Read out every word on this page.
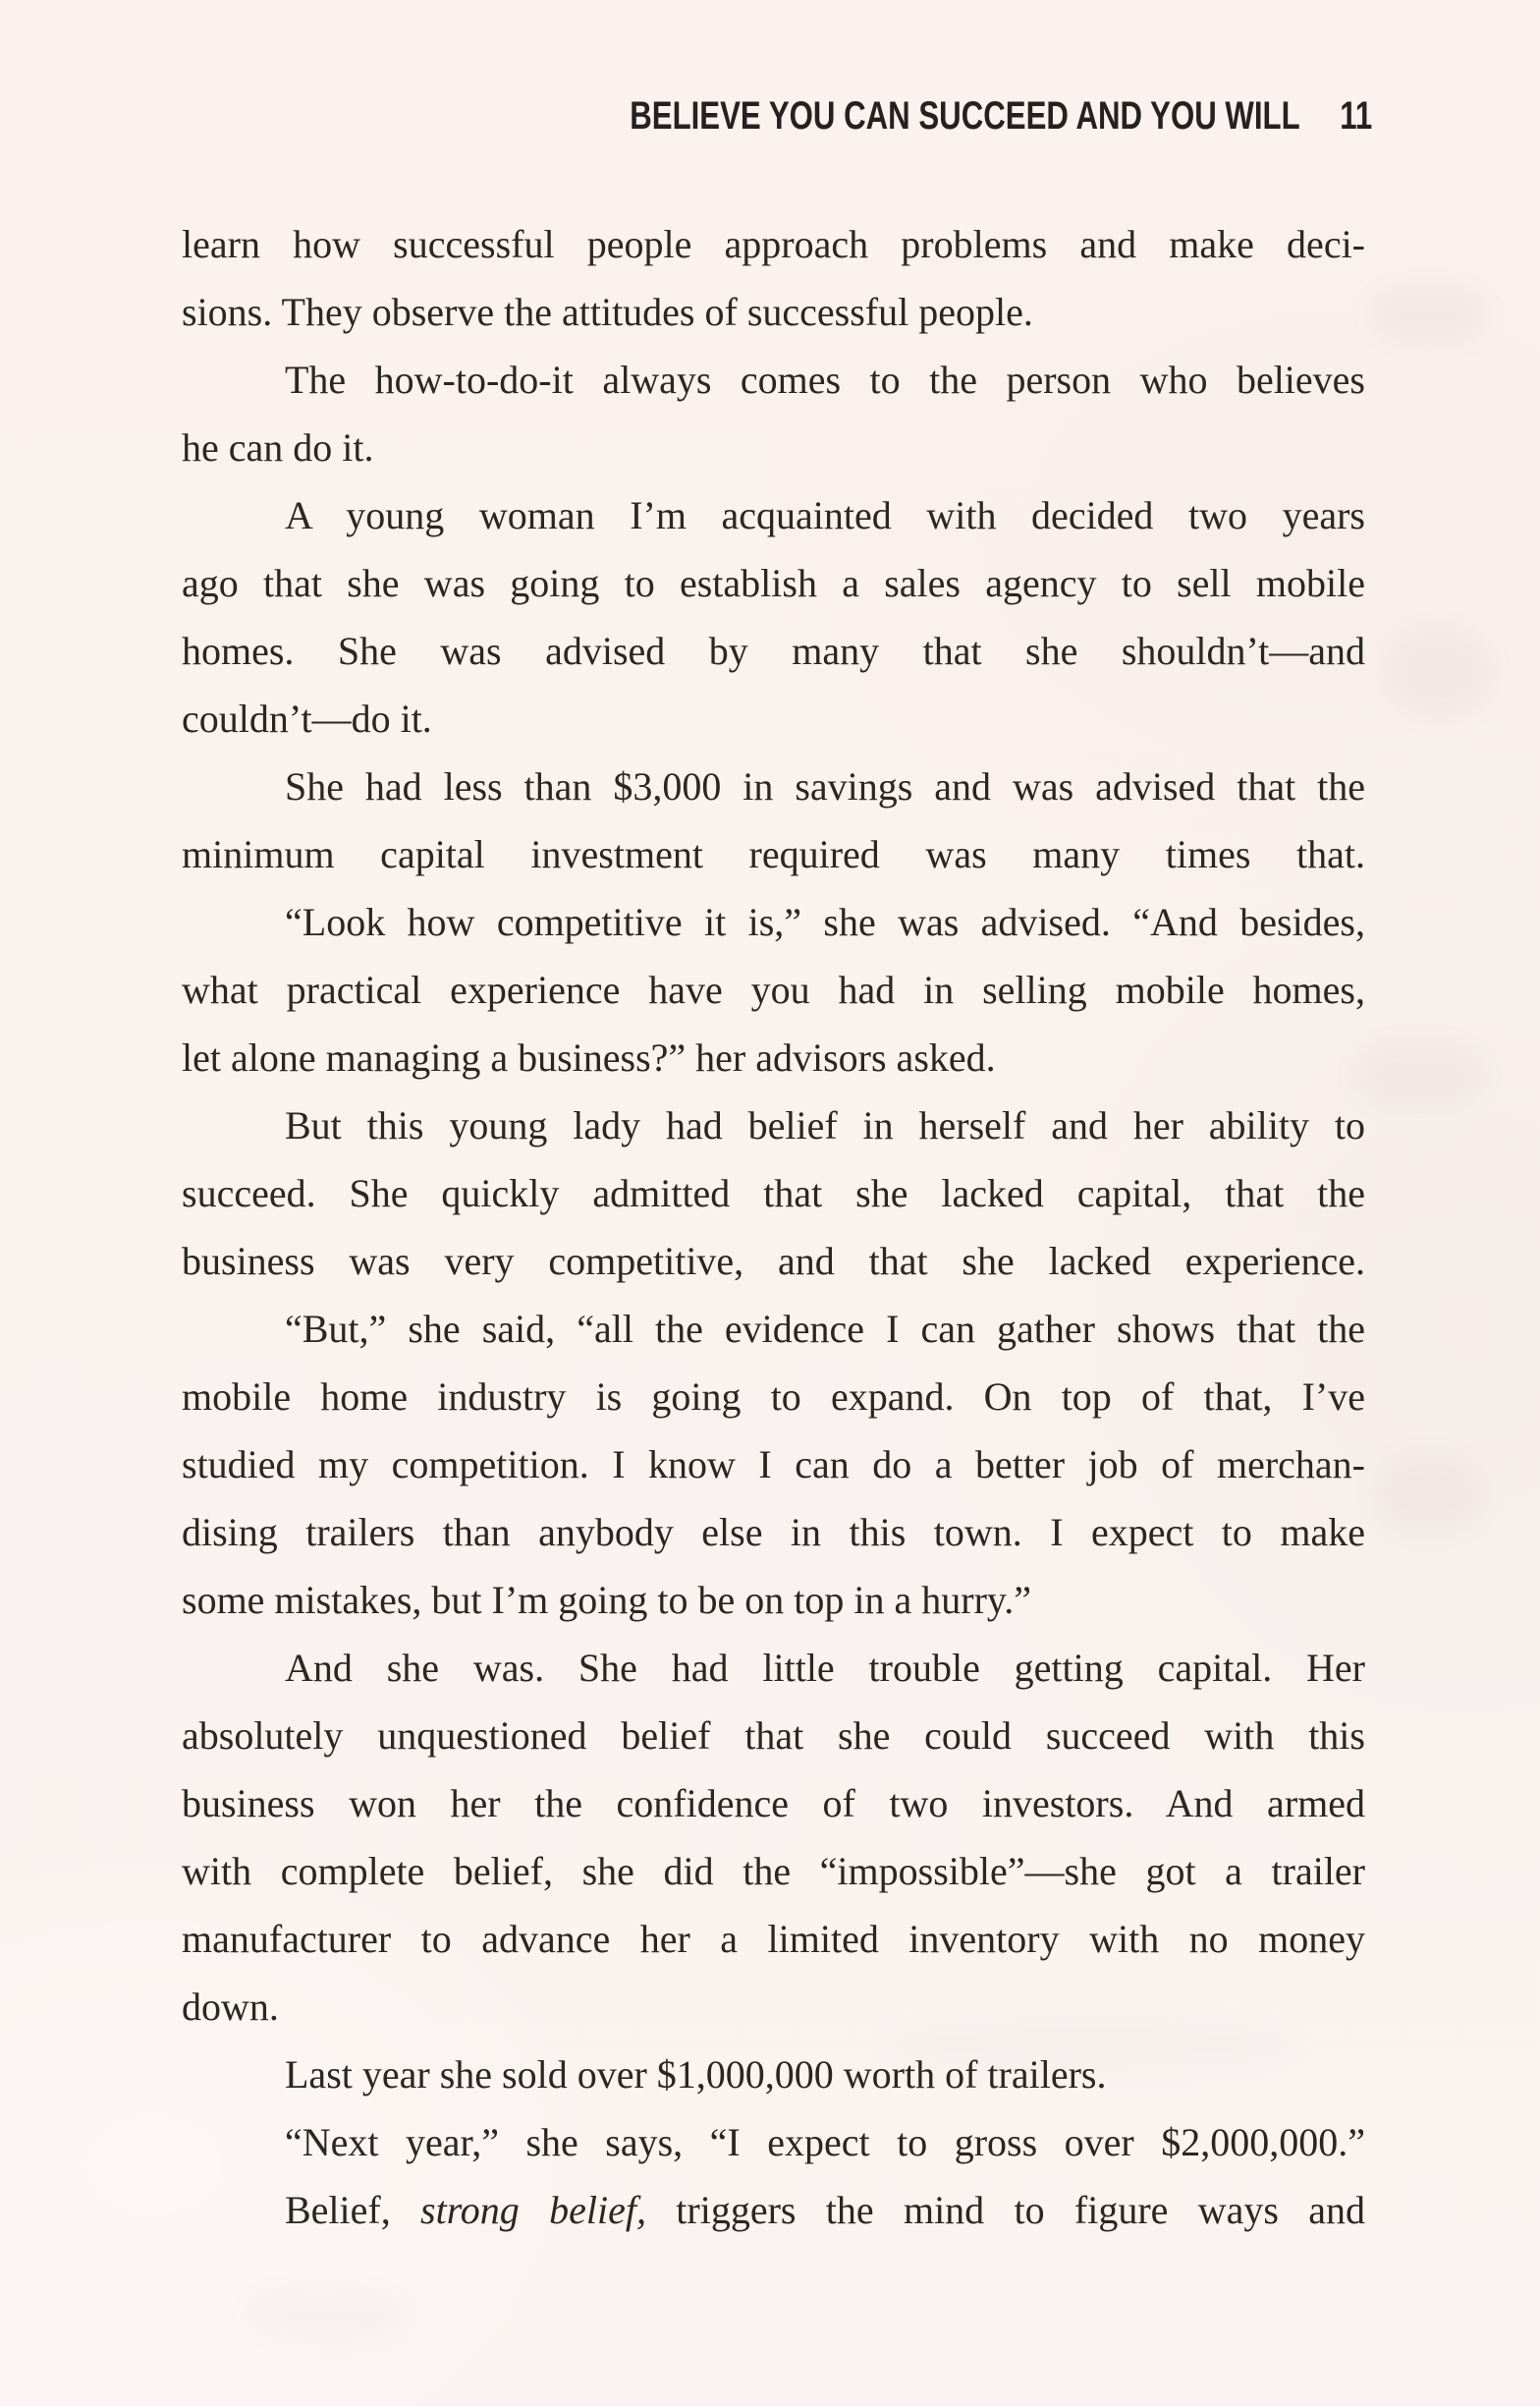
BELIEVE YOU CAN SUCCEED AND YOU WILL 11
learn how successful people approach problems and make deci-
sions. They observe the attitudes of successful people.
The how-to-do-it always comes to the person who believes
he can do it.
A young woman I’m acquainted with decided two years
ago that she was going to establish a sales agency to sell mobile
homes. She was advised by many that she shouldn’t—and
couldn’t—do it.
She had less than $3,000 in savings and was advised that the
minimum capital investment required was many times that.
“Look how competitive it is,” she was advised. “And besides,
what practical experience have you had in selling mobile homes,
let alone managing a business?” her advisors asked.
But this young lady had belief in herself and her ability to
succeed. She quickly admitted that she lacked capital, that the
business was very competitive, and that she lacked experience.
“But,” she said, “all the evidence I can gather shows that the
mobile home industry is going to expand. On top of that, I’ve
studied my competition. I know I can do a better job of merchan-
dising trailers than anybody else in this town. I expect to make
some mistakes, but I’m going to be on top in a hurry.”
And she was. She had little trouble getting capital. Her
absolutely unquestioned belief that she could succeed with this
business won her the confidence of two investors. And armed
with complete belief, she did the “impossible”—she got a trailer
manufacturer to advance her a limited inventory with no money
down.
Last year she sold over $1,000,000 worth of trailers.
“Next year,” she says, “I expect to gross over $2,000,000.”
Belief, strong belief, triggers the mind to figure ways and
